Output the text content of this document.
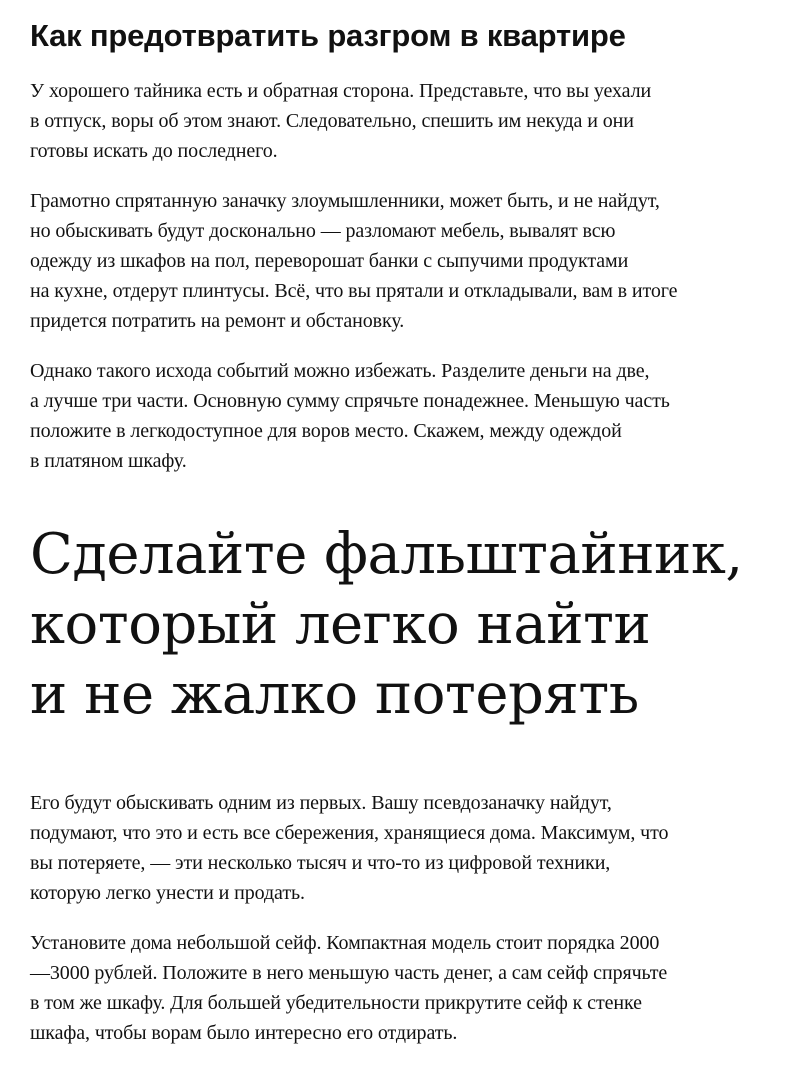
Как предотвратить разгром в квартире

У хорошего тайника есть и обратная сторона. Представьте, что вы уехали
в отпуск, воры об этом знают. Следовательно, спешить им некуда и они
готовы искать до последнего.

Грамотно спрятанную заначку злоумышленники, может быть, и не найдут,
но обыскивать будут досконально — разломают мебель, вывалят всю
одежду из шкафов на пол, переворошат банки с сыпучими продуктами
на кухне, отдерут плинтусы. Всё, что вы прятали и откладывали, вам в итоге
придется потратить на ремонт и обстановку.

Однако такого исхода событий можно избежать. Разделите деньги на две,
а лучше три части. Основную сумму спрячьте понадежнее. Меньшую часть
положите в легкодоступное для воров место. Скажем, между одеждой
в платяном шкафу.

Сделайте фальштайник,
который легко найти
и не жалко потерять

Его будут обыскивать одним из первых. Вашу псевдозаначку найдут,
подумают, что это и есть все сбережения, хранящиеся дома. Максимум, что
вы потеряете, — эти несколько тысяч и что-то из цифровой техники,
которую легко унести и продать.

Установите дома небольшой сейф. Компактная модель стоит порядка 2000
—3000 рублей. Положите в него меньшую часть денег, а сам сейф спрячьте
в том же шкафу. Для большей убедительности прикрутите сейф к стенке
шкафа, чтобы ворам было интересно его отдирать.
